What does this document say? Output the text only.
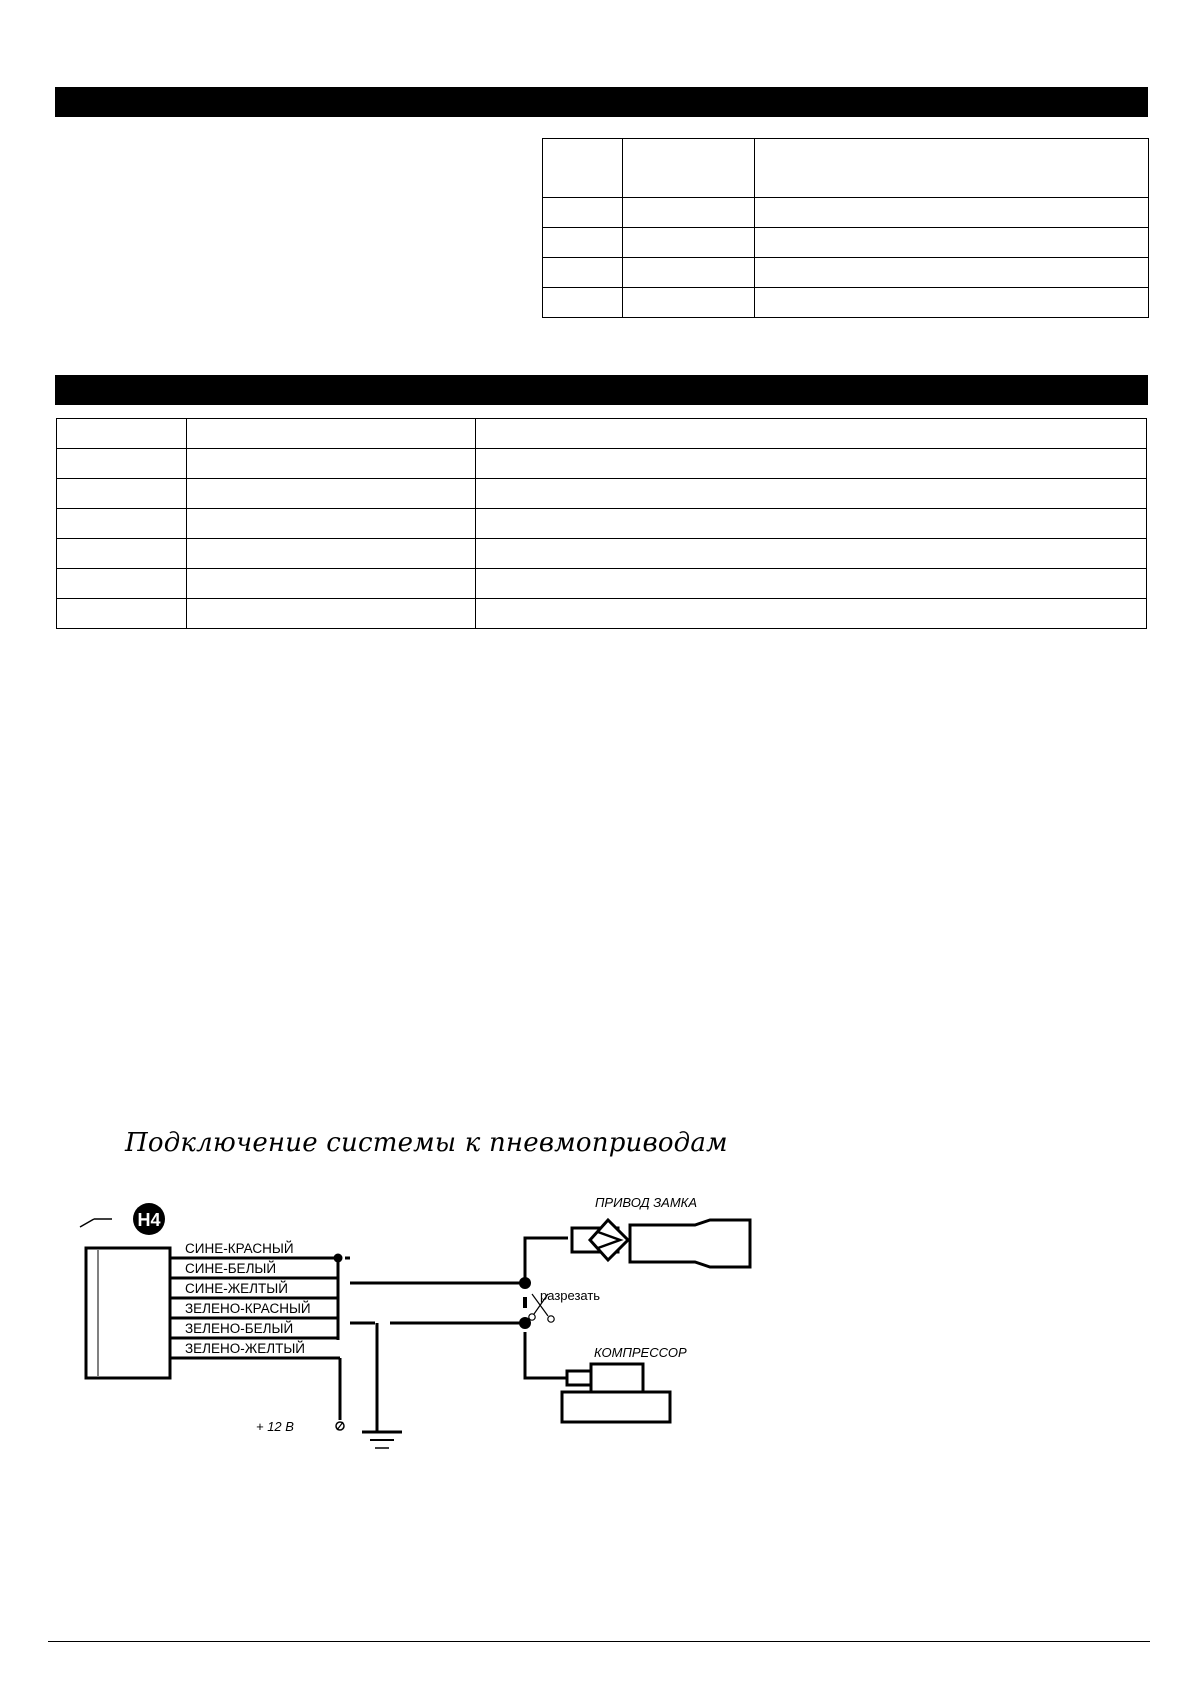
Подключение системы к пневмоприводам
H4
СИНЕ-КРАСНЫЙ
СИНЕ-БЕЛЫЙ
СИНЕ-ЖЕЛТЫЙ
ЗЕЛЕНО-КРАСНЫЙ
ЗЕЛЕНО-БЕЛЫЙ
ЗЕЛЕНО-ЖЕЛТЫЙ
разрезать
+ 12 В
ПРИВОД ЗАМКА
КОМПРЕССОР
